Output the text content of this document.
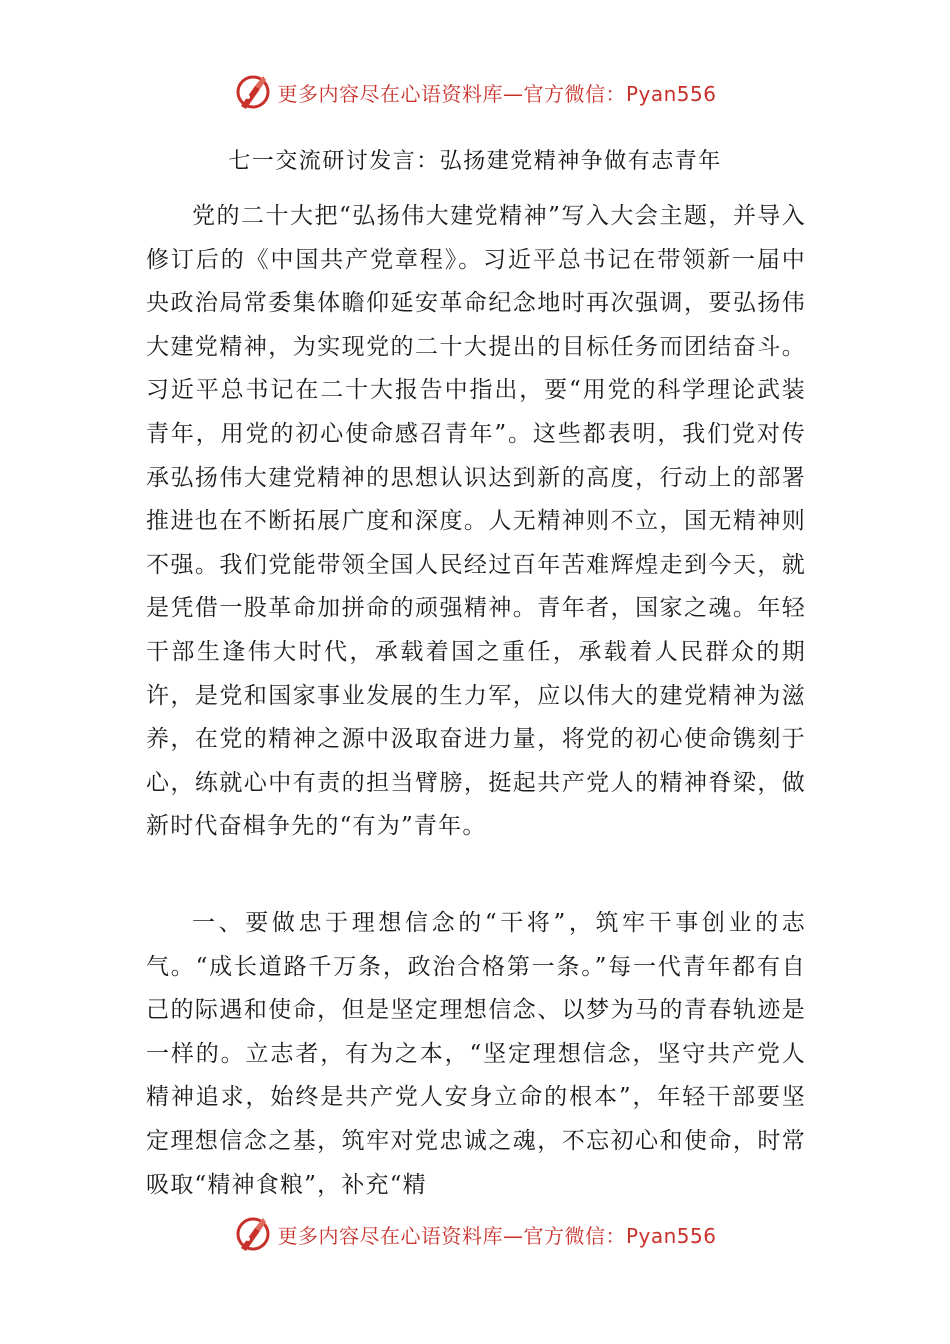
更多内容尽在心语资料库—官方微信：Pyan556
七一交流研讨发言：弘扬建党精神争做有志青年

党的二十大把“弘扬伟大建党精神”写入大会主题，并导入修订后的《中国共产党章程》。习近平总书记在带领新一届中央政治局常委集体瞻仰延安革命纪念地时再次强调，要弘扬伟大建党精神，为实现党的二十大提出的目标任务而团结奋斗。习近平总书记在二十大报告中指出，要“用党的科学理论武装青年，用党的初心使命感召青年”。这些都表明，我们党对传承弘扬伟大建党精神的思想认识达到新的高度，行动上的部署推进也在不断拓展广度和深度。人无精神则不立，国无精神则不强。我们党能带领全国人民经过百年苦难辉煌走到今天，就是凭借一股革命加拼命的顽强精神。青年者，国家之魂。年轻干部生逢伟大时代，承载着国之重任，承载着人民群众的期许，是党和国家事业发展的生力军，应以伟大的建党精神为滋养，在党的精神之源中汲取奋进力量，将党的初心使命镌刻于心，练就心中有责的担当臂膀，挺起共产党人的精神脊梁，做新时代奋楫争先的“有为”青年。

一、要做忠于理想信念的“干将”，筑牢干事创业的志气。“成长道路千万条，政治合格第一条。”每一代青年都有自己的际遇和使命，但是坚定理想信念、以梦为马的青春轨迹是一样的。立志者，有为之本，“坚定理想信念，坚守共产党人精神追求，始终是共产党人安身立命的根本”，年轻干部要坚定理想信念之基，筑牢对党忠诚之魂，不忘初心和使命，时常吸取“精神食粮”，补充“精

更多内容尽在心语资料库—官方微信：Pyan556
